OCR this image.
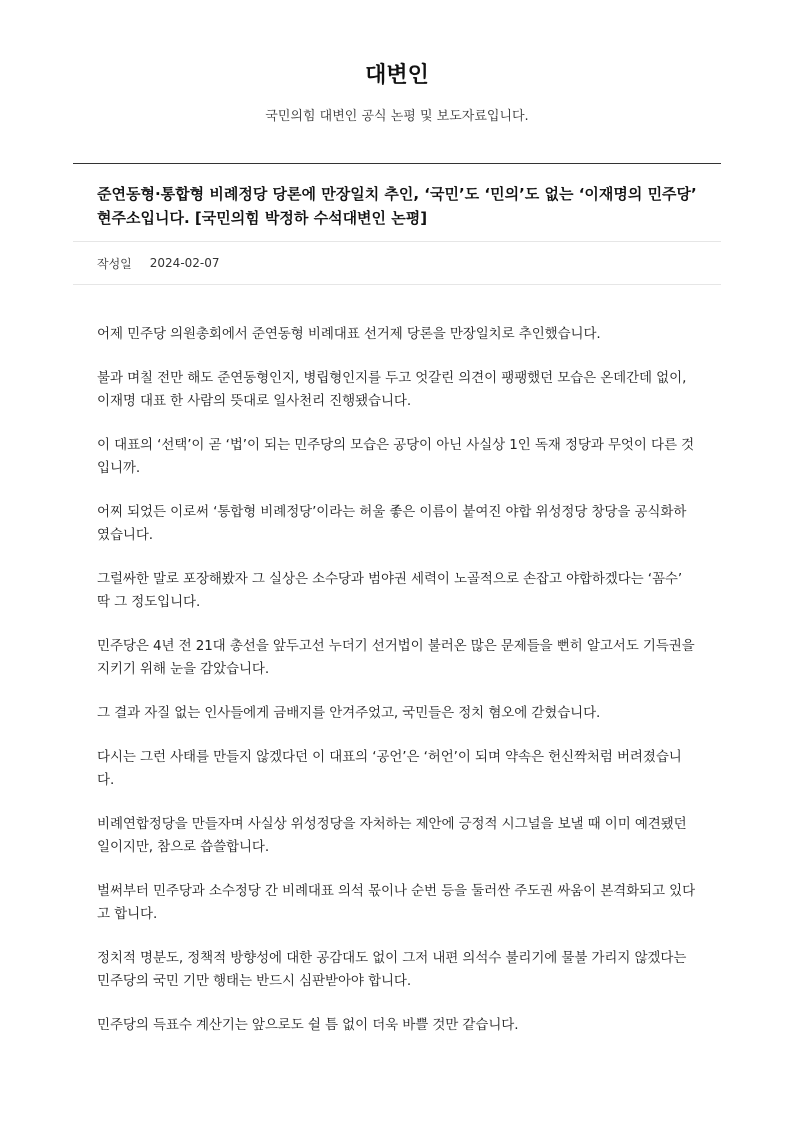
대변인
국민의힘 대변인 공식 논평 및 보도자료입니다.
준연동형·통합형 비례정당 당론에 만장일치 추인, ‘국민’도 ‘민의’도 없는 ‘이재명의 민주당’ 현주소입니다. [국민의힘 박정하 수석대변인 논평]
작성일 2024-02-07

어제 민주당 의원총회에서 준연동형 비례대표 선거제 당론을 만장일치로 추인했습니다.

불과 며칠 전만 해도 준연동형인지, 병립형인지를 두고 엇갈린 의견이 팽팽했던 모습은 온데간데 없이, 이재명 대표 한 사람의 뜻대로 일사천리 진행됐습니다.

이 대표의 ‘선택’이 곧 ‘법’이 되는 민주당의 모습은 공당이 아닌 사실상 1인 독재 정당과 무엇이 다른 것입니까.

어찌 되었든 이로써 ‘통합형 비례정당’이라는 허울 좋은 이름이 붙여진 야합 위성정당 창당을 공식화하였습니다.

그럴싸한 말로 포장해봤자 그 실상은 소수당과 범야권 세력이 노골적으로 손잡고 야합하겠다는 ‘꼼수’ 딱 그 정도입니다.

민주당은 4년 전 21대 총선을 앞두고선 누더기 선거법이 불러온 많은 문제들을 뻔히 알고서도 기득권을 지키기 위해 눈을 감았습니다.

그 결과 자질 없는 인사들에게 금배지를 안겨주었고, 국민들은 정치 혐오에 갇혔습니다.

다시는 그런 사태를 만들지 않겠다던 이 대표의 ‘공언’은 ‘허언’이 되며 약속은 헌신짝처럼 버려졌습니다.

비례연합정당을 만들자며 사실상 위성정당을 자처하는 제안에 긍정적 시그널을 보낼 때 이미 예견됐던 일이지만, 참으로 씁쓸합니다.

벌써부터 민주당과 소수정당 간 비례대표 의석 몫이나 순번 등을 둘러싼 주도권 싸움이 본격화되고 있다고 합니다.

정치적 명분도, 정책적 방향성에 대한 공감대도 없이 그저 내편 의석수 불리기에 물불 가리지 않겠다는 민주당의 국민 기만 행태는 반드시 심판받아야 합니다.

민주당의 득표수 계산기는 앞으로도 쉴 틈 없이 더욱 바쁠 것만 같습니다.
